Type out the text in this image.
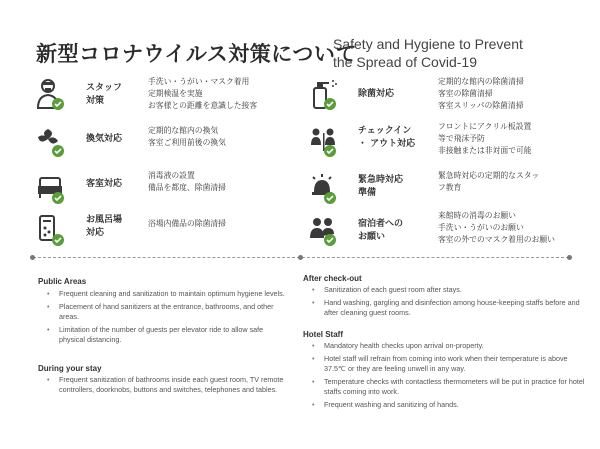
新型コロナウイルス対策について
Safety and Hygiene to Prevent
the Spread of Covid-19
スタッフ
対策
手洗い・うがい・マスク着用
定期検温を実施
お客様との距離を意識した接客
除菌対応
定期的な館内の除菌清掃
客室の除菌清掃
客室スリッパの除菌清掃
換気対応
定期的な館内の換気
客室ご利用前後の換気
チェックイン
・ アウト対応
フロントにアクリル板設置
等で飛沫予防
非接触または非対面で可能
客室対応
消毒液の設置
備品を都度、除菌清掃
緊急時対応
準備
緊急時対応の定期的なスタッ
フ教育
お風呂場
対応
浴場内備品の除菌清掃	宿泊者への
お願い
来館時の消毒のお願い
手洗い・うがいのお願い
客室の外でのマスク着用のお願い
Public Areas
• Frequent cleaning and sanitization to maintain optimum hygiene levels.
• Placement of hand sanitizers at the entrance, bathrooms, and other areas.
• Limitation of the number of guests per elevator ride to allow safe physical distancing.
During your stay
• Frequent sanitization of bathrooms inside each guest room, TV remote controllers, doorknobs, buttons and switches, telephones and tables.
After check-out
• Sanitization of each guest room after stays.
• Hand washing, gargling and disinfection among house-keeping staffs before and after cleaning guest rooms.
Hotel Staff
• Mandatory health checks upon arrival on-property.
• Hotel staff will refrain from coming into work when their temperature is above 37.5℃ or they are feeling unwell in any way.
• Temperature checks with contactless thermometers will be put in practice for hotel staffs coming into work.
• Frequent washing and sanitizing of hands.
